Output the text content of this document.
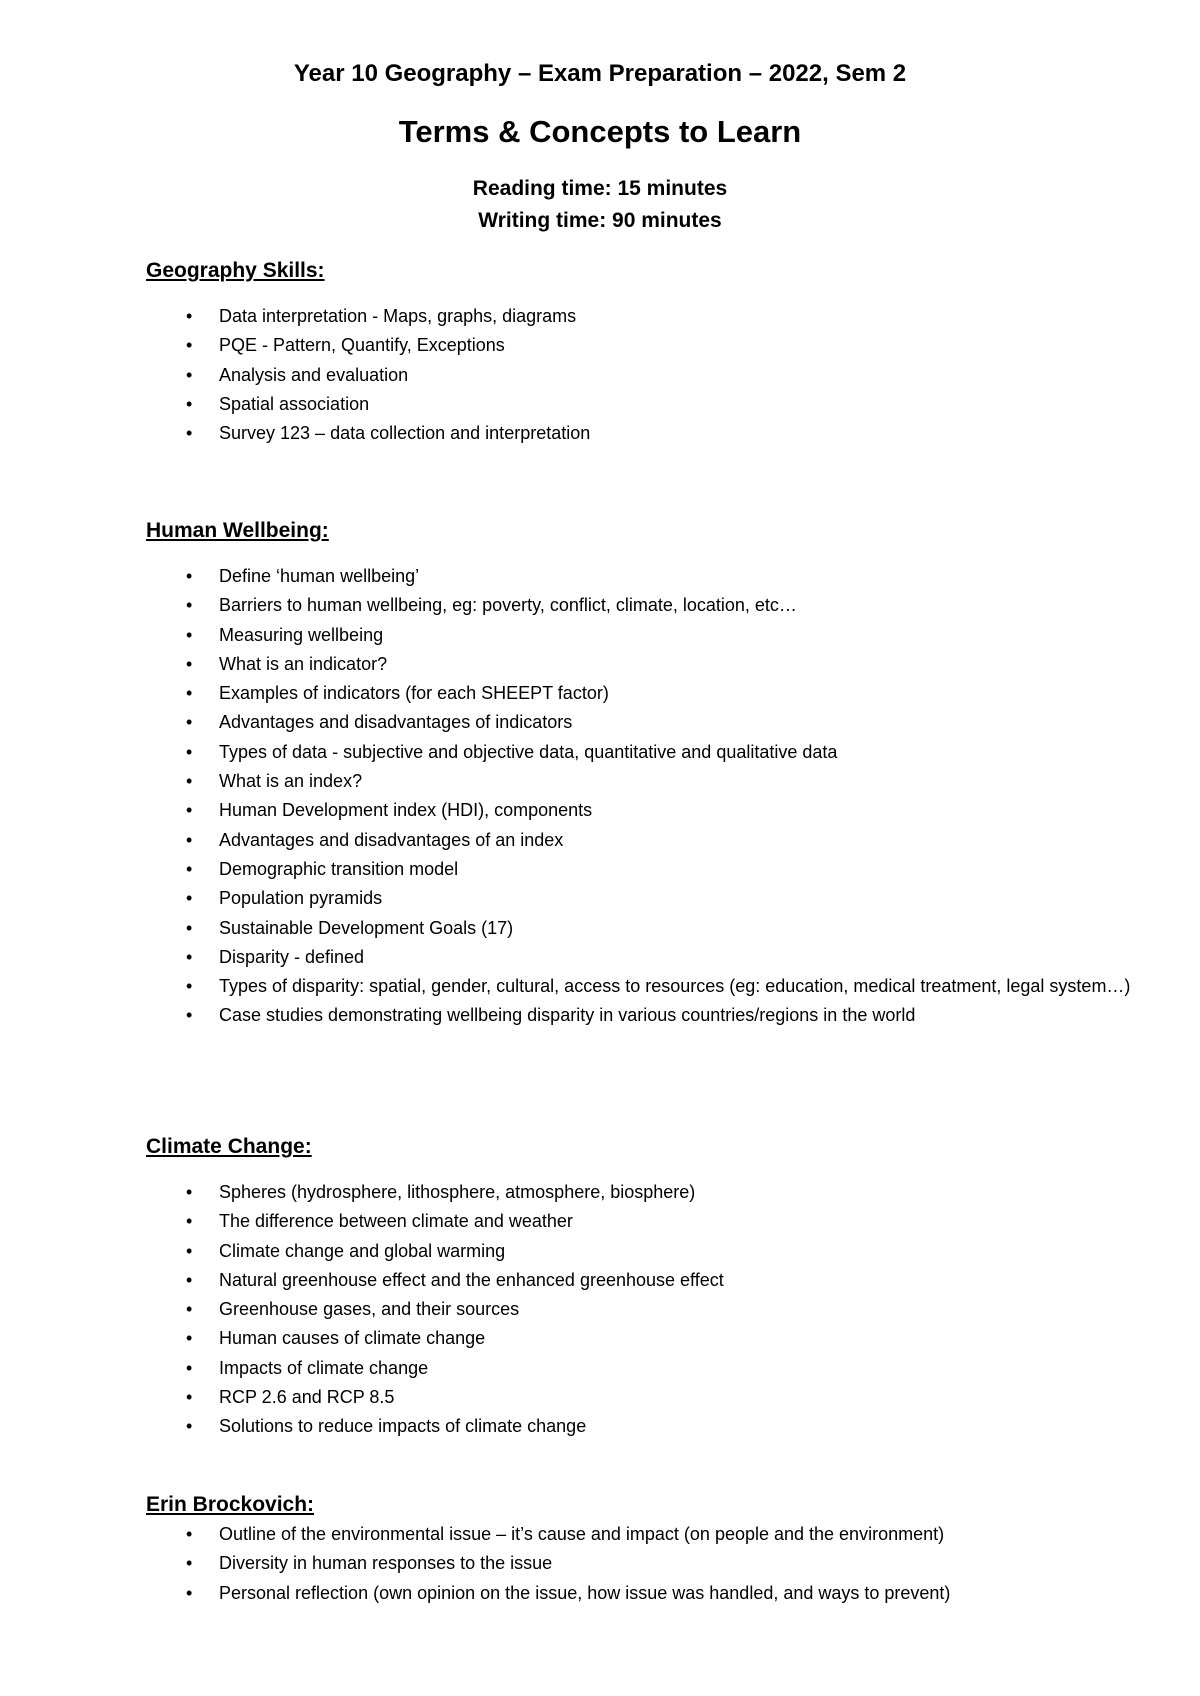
Year 10 Geography – Exam Preparation – 2022, Sem 2
Terms & Concepts to Learn

Reading time: 15 minutes

Writing time: 90 minutes

Geography Skills:
• Data interpretation - Maps, graphs, diagrams
• PQE - Pattern, Quantify, Exceptions
• Analysis and evaluation
• Spatial association
• Survey 123 – data collection and interpretation
Human Wellbeing:
• Define ‘human wellbeing’
• Barriers to human wellbeing, eg: poverty, conflict, climate, location, etc…
• Measuring wellbeing
• What is an indicator?
• Examples of indicators (for each SHEEPT factor)
• Advantages and disadvantages of indicators
• Types of data - subjective and objective data, quantitative and qualitative data
• What is an index?
• Human Development index (HDI), components
• Advantages and disadvantages of an index
• Demographic transition model
• Population pyramids
• Sustainable Development Goals (17)
• Disparity - defined
• Types of disparity: spatial, gender, cultural, access to resources (eg: education, medical treatment, legal system…)
• Case studies demonstrating wellbeing disparity in various countries/regions in the world
Climate Change:
• Spheres (hydrosphere, lithosphere, atmosphere, biosphere)
• The difference between climate and weather
• Climate change and global warming
• Natural greenhouse effect and the enhanced greenhouse effect
• Greenhouse gases, and their sources
• Human causes of climate change
• Impacts of climate change
• RCP 2.6 and RCP 8.5
• Solutions to reduce impacts of climate change
Erin Brockovich:
• Outline of the environmental issue – it’s cause and impact (on people and the environment)
• Diversity in human responses to the issue
• Personal reflection (own opinion on the issue, how issue was handled, and ways to prevent)
